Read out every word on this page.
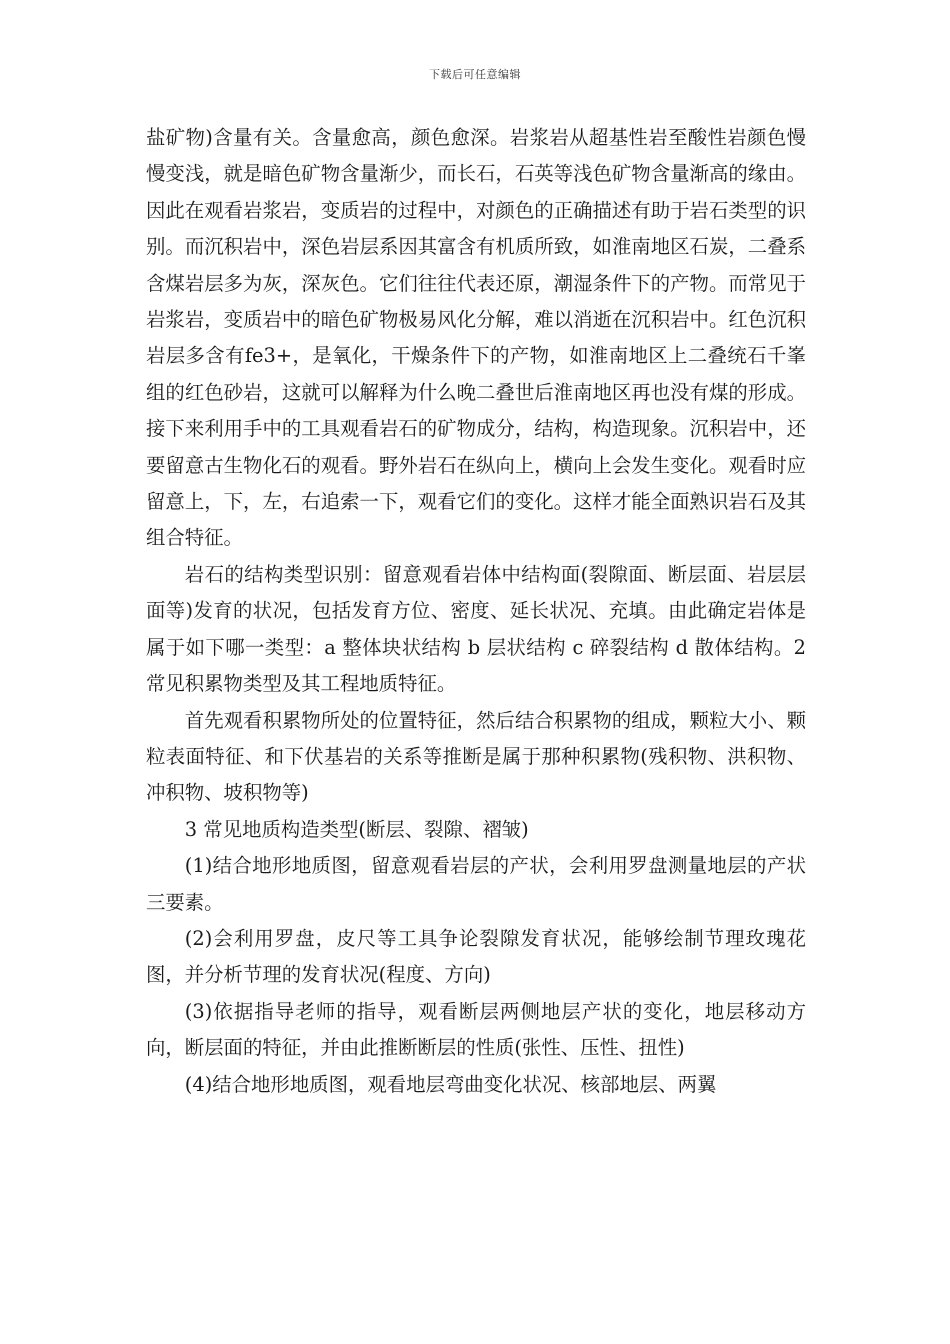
下载后可任意编辑

盐矿物)含量有关。含量愈高，颜色愈深。岩浆岩从超基性岩至酸性岩颜色慢慢变浅，就是暗色矿物含量渐少，而长石，石英等浅色矿物含量渐高的缘由。因此在观看岩浆岩，变质岩的过程中，对颜色的正确描述有助于岩石类型的识别。而沉积岩中，深色岩层系因其富含有机质所致，如淮南地区石炭，二叠系含煤岩层多为灰，深灰色。它们往往代表还原，潮湿条件下的产物。而常见于岩浆岩，变质岩中的暗色矿物极易风化分解，难以消逝在沉积岩中。红色沉积岩层多含有fe3+，是氧化，干燥条件下的产物，如淮南地区上二叠统石千峯组的红色砂岩，这就可以解释为什么晚二叠世后淮南地区再也没有煤的形成。接下来利用手中的工具观看岩石的矿物成分，结构，构造现象。沉积岩中，还要留意古生物化石的观看。野外岩石在纵向上，横向上会发生变化。观看时应留意上，下，左，右追索一下，观看它们的变化。这样才能全面熟识岩石及其组合特征。

岩石的结构类型识别：留意观看岩体中结构面(裂隙面、断层面、岩层层面等)发育的状况，包括发育方位、密度、延长状况、充填。由此确定岩体是属于如下哪一类型：a 整体块状结构 b 层状结构 c 碎裂结构 d 散体结构。2 常见积累物类型及其工程地质特征。

首先观看积累物所处的位置特征，然后结合积累物的组成，颗粒大小、颗粒表面特征、和下伏基岩的关系等推断是属于那种积累物(残积物、洪积物、冲积物、坡积物等)

3 常见地质构造类型(断层、裂隙、褶皱)

(1)结合地形地质图，留意观看岩层的产状，会利用罗盘测量地层的产状三要素。

(2)会利用罗盘，皮尺等工具争论裂隙发育状况，能够绘制节理玫瑰花图，并分析节理的发育状况(程度、方向)

(3)依据指导老师的指导，观看断层两侧地层产状的变化，地层移动方向，断层面的特征，并由此推断断层的性质(张性、压性、扭性)

(4)结合地形地质图，观看地层弯曲变化状况、核部地层、两翼
